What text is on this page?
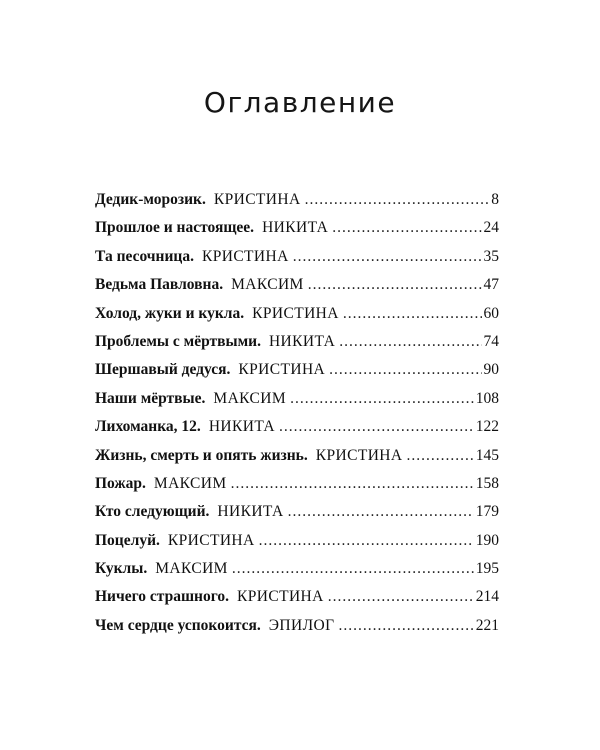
Оглавление
Дедик-морозик. КРИСТИНА .....	8
Прошлое и настоящее. НИКИТА .....	24
Та песочница. КРИСТИНА .....	35
Ведьма Павловна. МАКСИМ .....	47
Холод, жуки и кукла. КРИСТИНА .....	60
Проблемы с мёртвыми. НИКИТА .....	74
Шершавый дедуся. КРИСТИНА .....	90
Наши мёртвые. МАКСИМ .....	108
Лихоманка, 12. НИКИТА .....	122
Жизнь, смерть и опять жизнь. КРИСТИНА .....	145
Пожар. МАКСИМ .....	158
Кто следующий. НИКИТА .....	179
Поцелуй. КРИСТИНА .....	190
Куклы. МАКСИМ .....	195
Ничего страшного. КРИСТИНА .....	214
Чем сердце успокоится. ЭПИЛОГ .....	221
